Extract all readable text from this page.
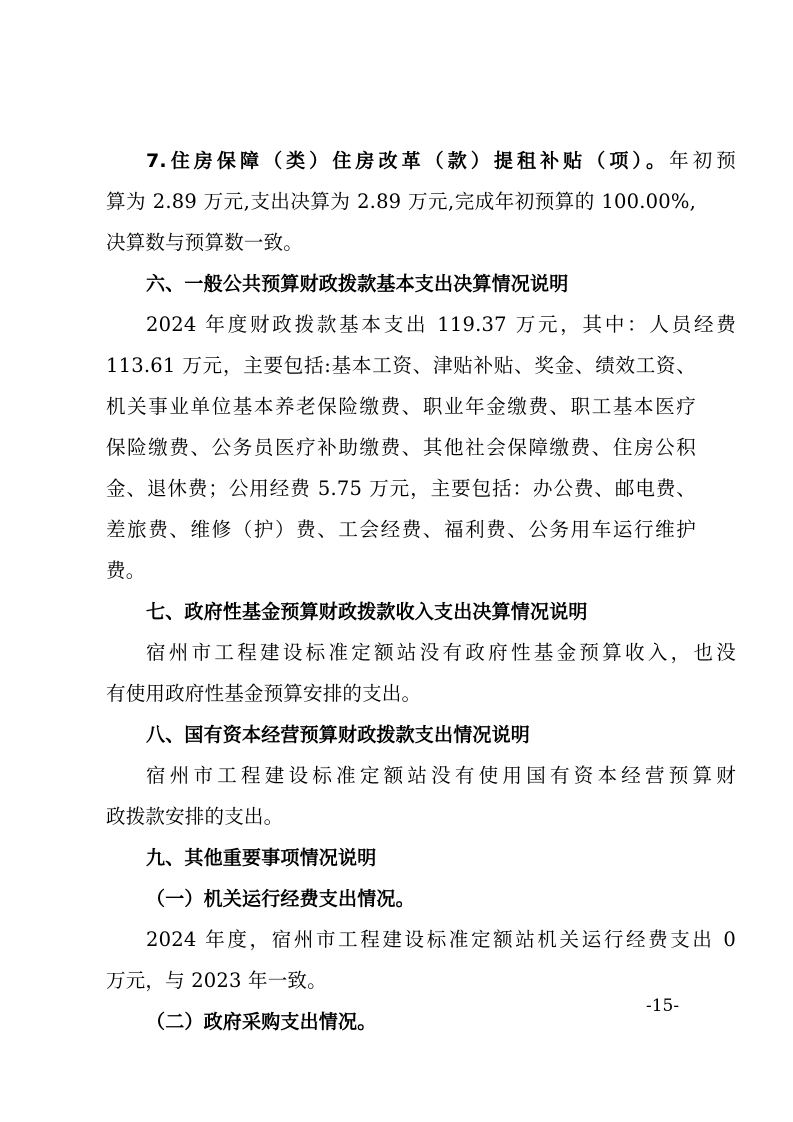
7.住房保障（类）住房改革（款）提租补贴（项）。年初预
算为 2.89 万元,支出决算为 2.89 万元,完成年初预算的 100.00%,
决算数与预算数一致。
六、一般公共预算财政拨款基本支出决算情况说明
2024 年度财政拨款基本支出 119.37 万元，其中：人员经费
113.61 万元，主要包括:基本工资、津贴补贴、奖金、绩效工资、
机关事业单位基本养老保险缴费、职业年金缴费、职工基本医疗
保险缴费、公务员医疗补助缴费、其他社会保障缴费、住房公积
金、退休费；公用经费 5.75 万元，主要包括：办公费、邮电费、
差旅费、维修（护）费、工会经费、福利费、公务用车运行维护
费。
七、政府性基金预算财政拨款收入支出决算情况说明
宿州市工程建设标准定额站没有政府性基金预算收入，也没
有使用政府性基金预算安排的支出。
八、国有资本经营预算财政拨款支出情况说明
宿州市工程建设标准定额站没有使用国有资本经营预算财
政拨款安排的支出。
九、其他重要事项情况说明
（一）机关运行经费支出情况。
2024 年度，宿州市工程建设标准定额站机关运行经费支出 0
万元，与 2023 年一致。
（二）政府采购支出情况。
-15-
